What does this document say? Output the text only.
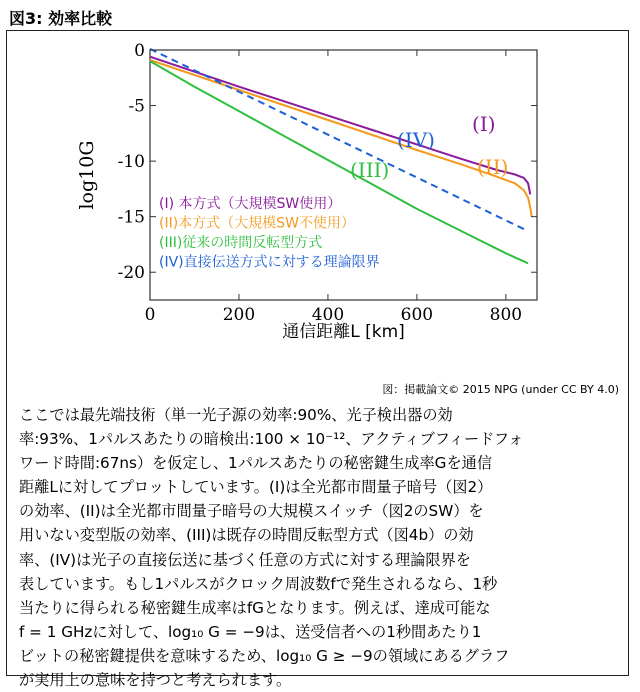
図3: 効率比較
0	200	400	600	800
0
-5
-10
-15
-20
(I)
(II)
(III)
(IV)
(I) 本方式（大規模SW使用）
(II)本方式（大規模SW不使用）
(III)従来の時間反転型方式
(IV)直接伝送方式に対する理論限界
通信距離L [km]
log10G
図：掲載論文© 2015 NPG (under CC BY 4.0)
ここでは最先端技術（単一光子源の効率:90%、光子検出器の効
率:93%、1パルスあたりの暗検出:100 × 10⁻¹²、アクティブフィードフォ
ワード時間:67ns）を仮定し、1パルスあたりの秘密鍵生成率Gを通信
距離Lに対してプロットしています。(I)は全光都市間量子暗号（図2）
の効率、(II)は全光都市間量子暗号の大規模スイッチ（図2のSW）を
用いない変型版の効率、(III)は既存の時間反転型方式（図4b）の効
率、(IV)は光子の直接伝送に基づく任意の方式に対する理論限界を
表しています。もし1パルスがクロック周波数fで発生されるなら、1秒
当たりに得られる秘密鍵生成率はfGとなります。例えば、達成可能な
f = 1 GHzに対して、log₁₀ G = −9は、送受信者への1秒間あたり1
ビットの秘密鍵提供を意味するため、log₁₀ G ≥ −9の領域にあるグラフ
が実用上の意味を持つと考えられます。
